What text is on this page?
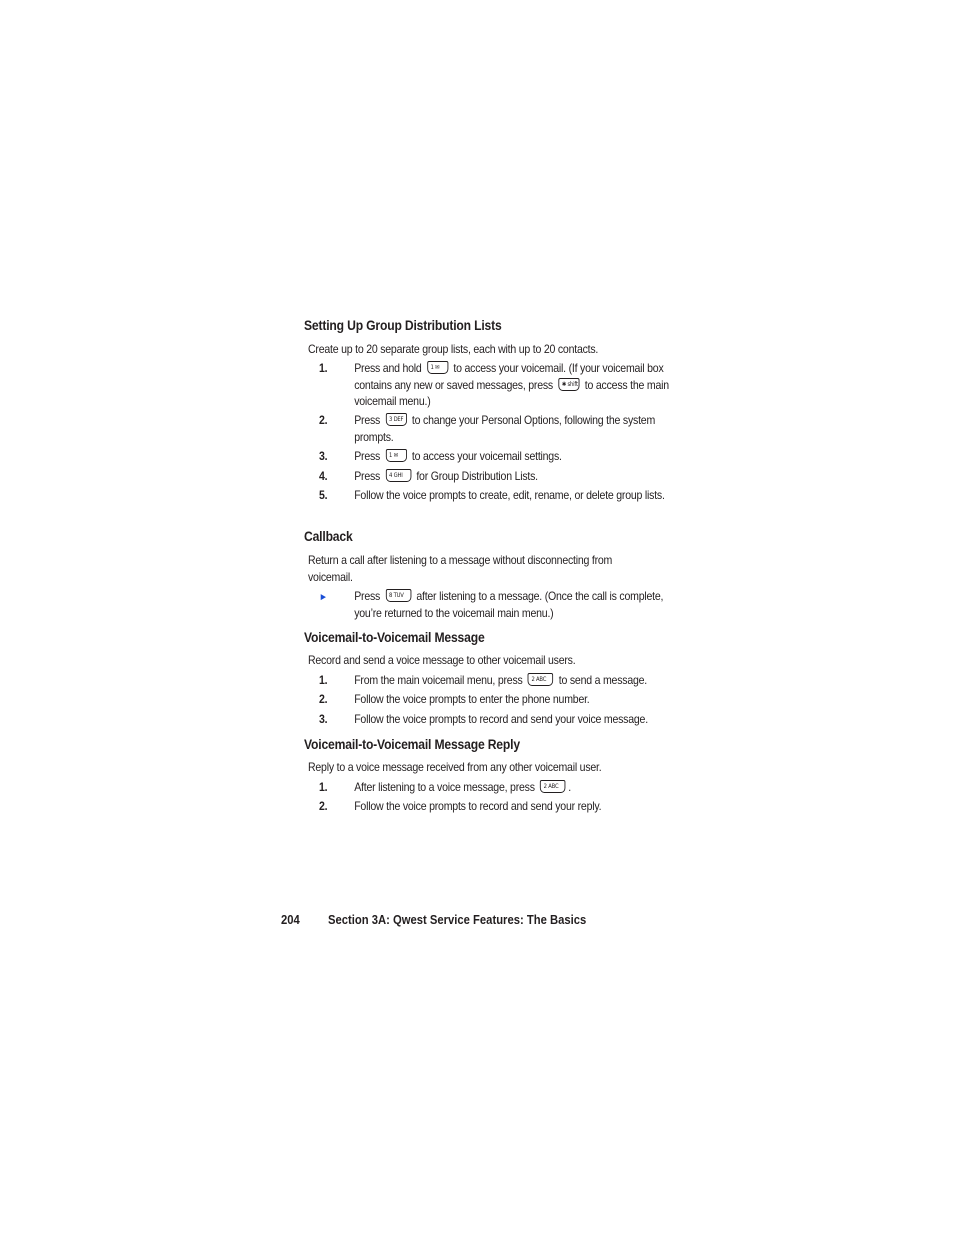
Setting Up Group Distribution Lists
Create up to 20 separate group lists, each with up to 20 contacts.
1. Press and hold 1 ✉ to access your voicemail. (If your voicemail box contains any new or saved messages, press ✱ shift to access the main voicemail menu.)
2. Press 3 DEF to change your Personal Options, following the system prompts.
3. Press 1 ✉ to access your voicemail settings.
4. Press 4 GHI for Group Distribution Lists.
5. Follow the voice prompts to create, edit, rename, or delete group lists.
Callback
Return a call after listening to a message without disconnecting from voicemail.
► Press 8 TUV after listening to a message. (Once the call is complete, you’re returned to the voicemail main menu.)
Voicemail-to-Voicemail Message
Record and send a voice message to other voicemail users.
1. From the main voicemail menu, press 2 ABC to send a message.
2. Follow the voice prompts to enter the phone number.
3. Follow the voice prompts to record and send your voice message.
Voicemail-to-Voicemail Message Reply
Reply to a voice message received from any other voicemail user.
1. After listening to a voice message, press 2 ABC .
2. Follow the voice prompts to record and send your reply.
204 Section 3A: Qwest Service Features: The Basics
